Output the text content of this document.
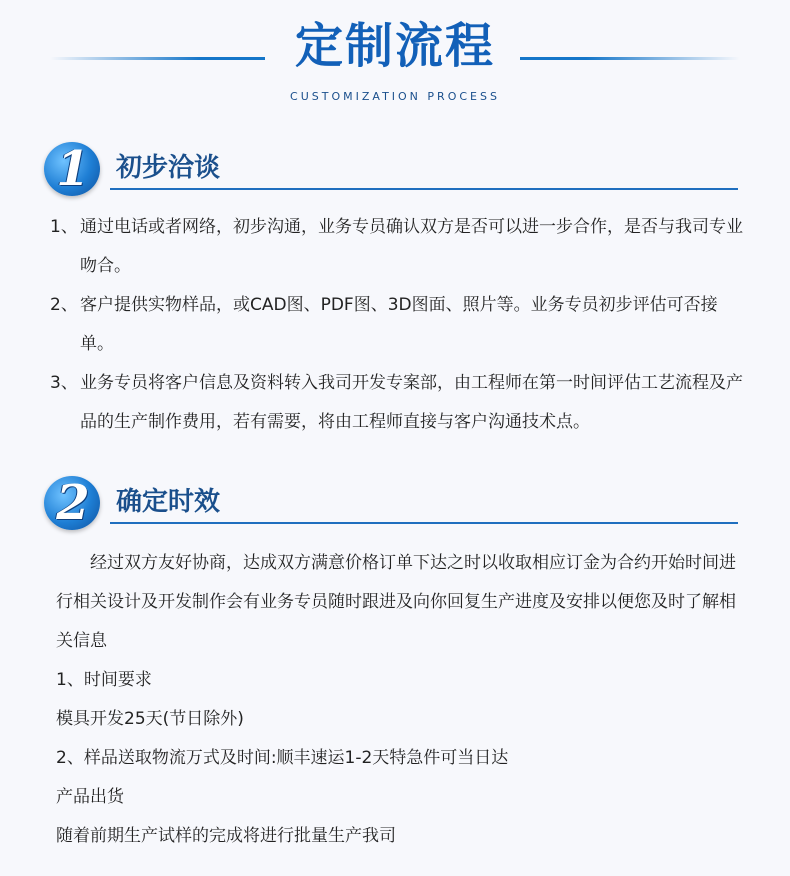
定制流程
CUSTOMIZATION PROCESS
1	初步洽谈
1、 通过电话或者网络，初步沟通，业务专员确认双方是否可以进一步合作，是否与我司专业吻合。
2、 客户提供实物样品，或CAD图、PDF图、3D图面、照片等。业务专员初步评估可否接单。
3、 业务专员将客户信息及资料转入我司开发专案部，由工程师在第一时间评估工艺流程及产品的生产制作费用，若有需要，将由工程师直接与客户沟通技术点。
2	确定时效
经过双方友好协商，达成双方满意价格订单下达之时以收取相应订金为合约开始时间进行相关设计及开发制作会有业务专员随时跟进及向你回复生产进度及安排以便您及时了解相关信息

1、时间要求

模具开发25天(节日除外)

2、样品送取物流万式及时间:顺丰速运1-2天特急件可当日达

产品出货

随着前期生产试样的完成将进行批量生产我司
